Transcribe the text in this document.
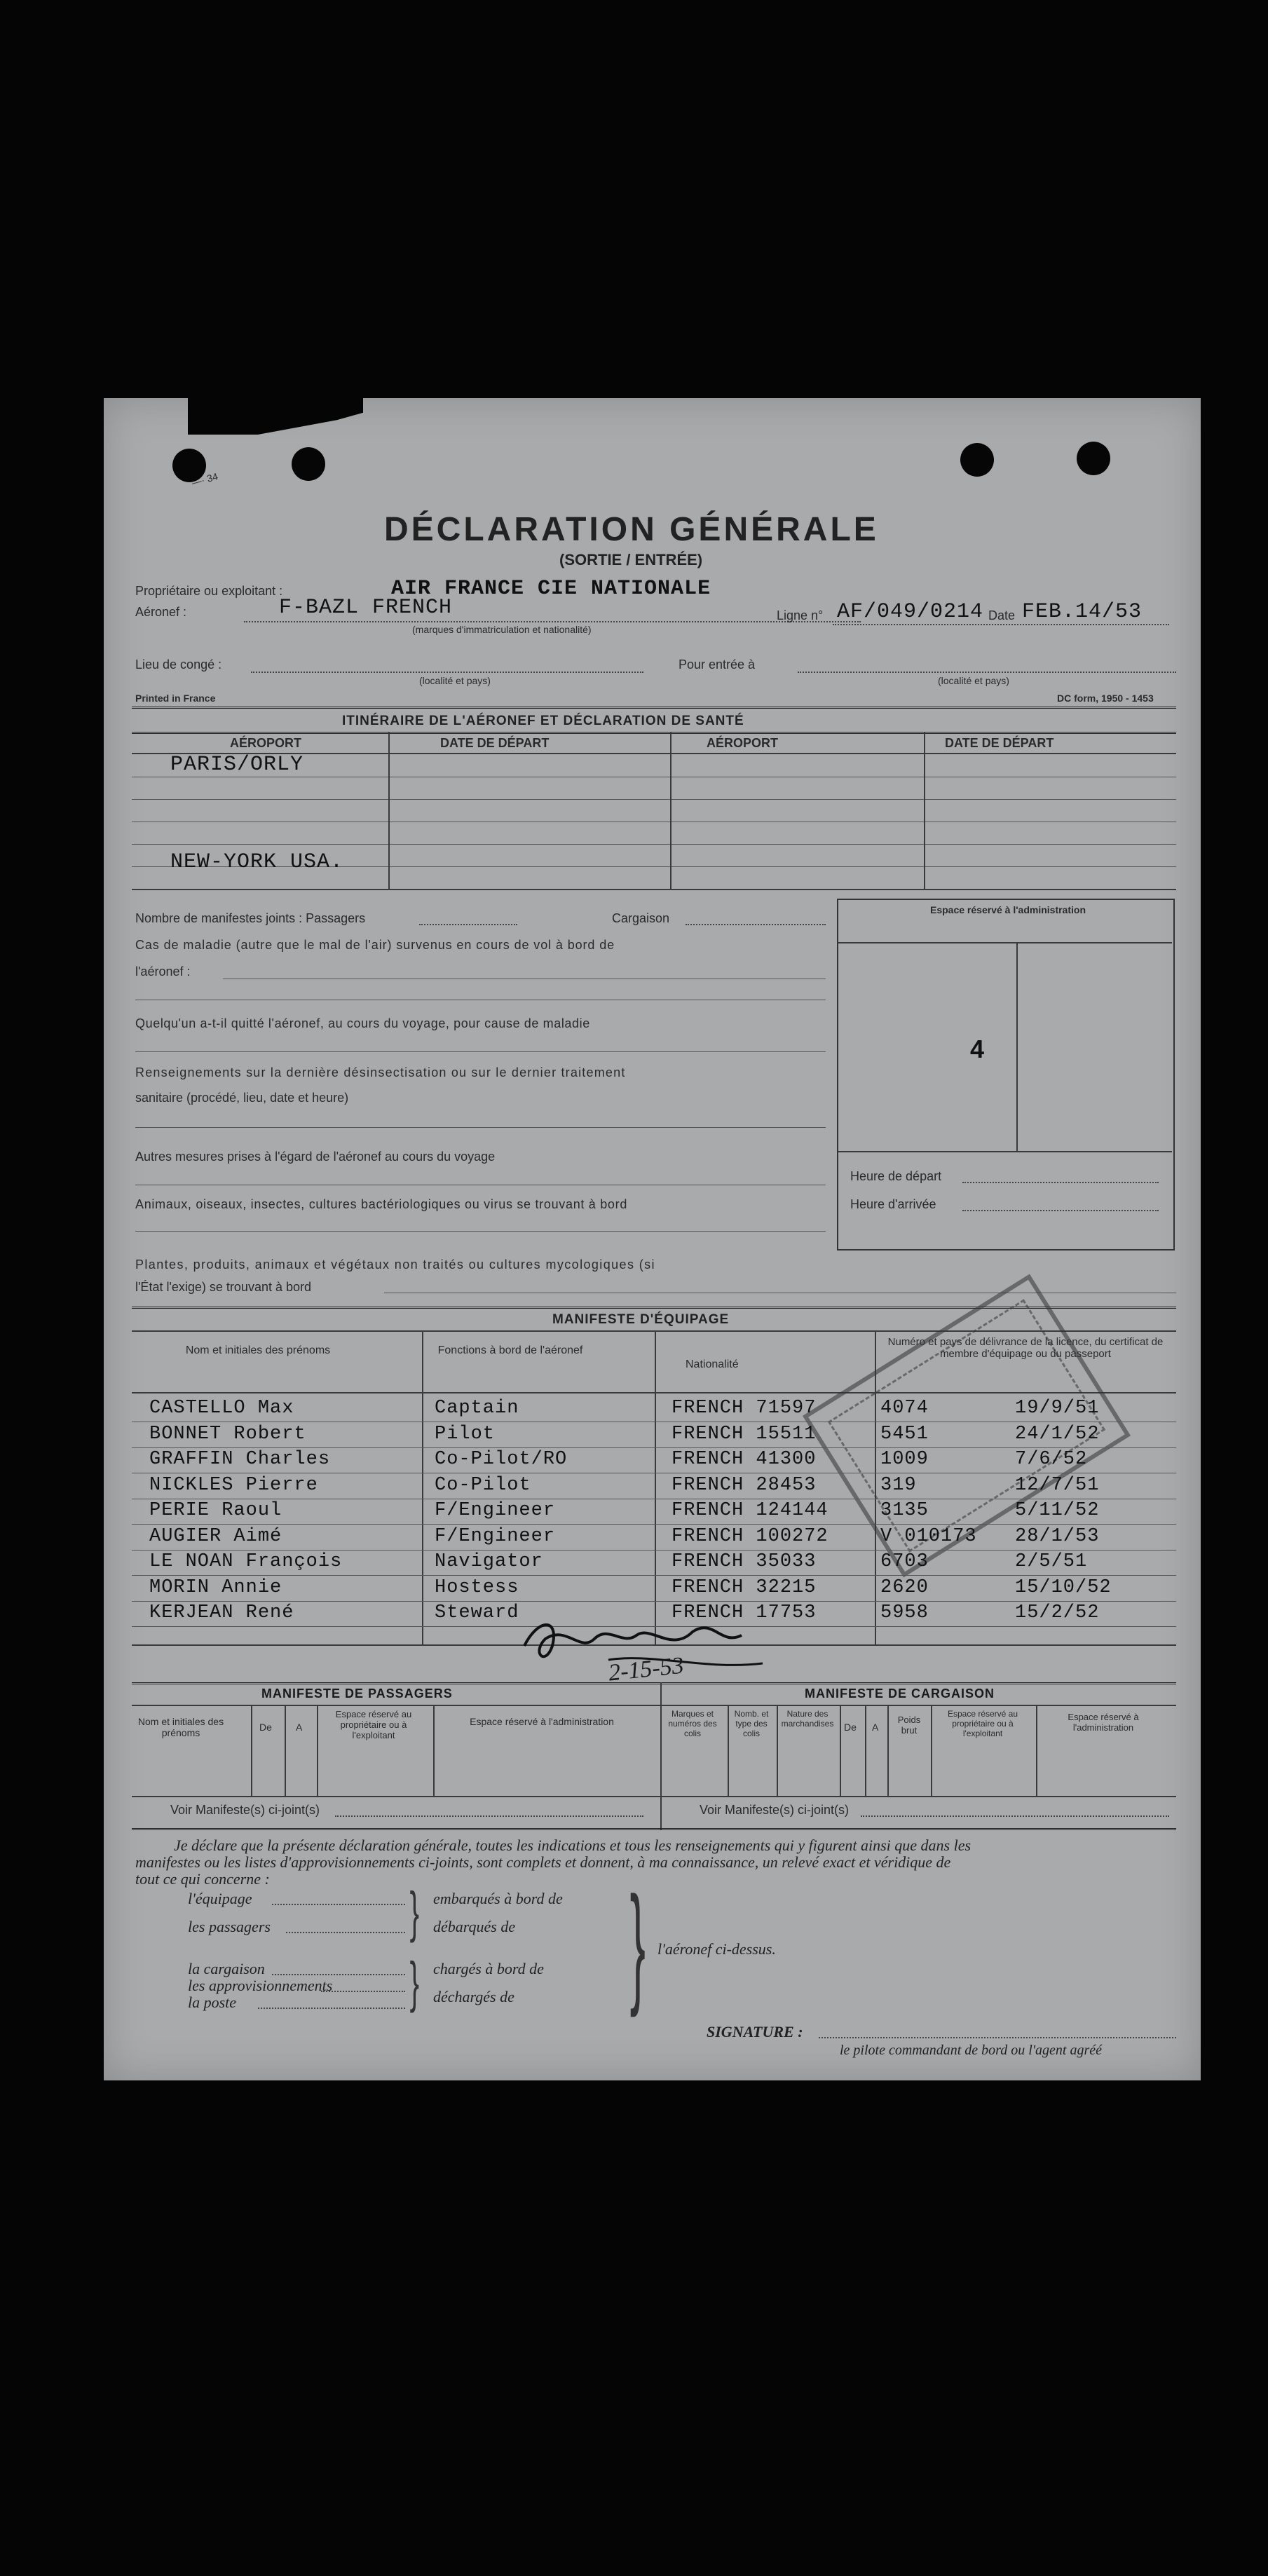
—· 34
DÉCLARATION GÉNÉRALE
(SORTIE / ENTRÉE)
Propriétaire ou exploitant :	AIR FRANCE CIE NATIONALE
Aéronef :	F-BAZL FRENCH
(marques d'immatriculation et nationalité)
Ligne n° AF/049/0214 Date FEB.14/53
Lieu de congé :
(localité et pays)
Pour entrée à
(localité et pays)
Printed in France	DC form, 1950 - 1453
ITINÉRAIRE DE L'AÉRONEF ET DÉCLARATION DE SANTÉ
AÉROPORT	DATE DE DÉPART	AÉROPORT	DATE DE DÉPART
PARIS/ORLY
NEW-YORK USA.
Nombre de manifestes joints : Passagers	Cargaison
Cas de maladie (autre que le mal de l'air) survenus en cours de vol à bord de
l'aéronef :
Quelqu'un a-t-il quitté l'aéronef, au cours du voyage, pour cause de maladie
Renseignements sur la dernière désinsectisation ou sur le dernier traitement
sanitaire (procédé, lieu, date et heure)
Autres mesures prises à l'égard de l'aéronef au cours du voyage
Animaux, oiseaux, insectes, cultures bactériologiques ou virus se trouvant à bord
Plantes, produits, animaux et végétaux non traités ou cultures mycologiques (si
l'État l'exige) se trouvant à bord
Espace réservé à l'administration
4
Heure de départ
Heure d'arrivée
MANIFESTE D'ÉQUIPAGE
Nom et initiales des prénoms	Fonctions à bord de l'aéronef
Nationalité
Numéro et pays de délivrance de la licence, du certificat de membre d'équipage ou du passeport
CASTELLO Max	Captain	FRENCH 71597	4074	19/9/51
BONNET Robert	Pilot	FRENCH 15511	5451	24/1/52
GRAFFIN Charles	Co-Pilot/RO	FRENCH 41300	1009	7/6/52
NICKLES Pierre	Co-Pilot	FRENCH 28453	319	12/7/51
PERIE Raoul	F/Engineer	FRENCH 124144	3135	5/11/52
AUGIER Aimé	F/Engineer	FRENCH 100272	V 010173 28/1/53
LE NOAN François	Navigator	FRENCH 35033	6703	2/5/51
MORIN Annie	Hostess	FRENCH 32215	2620	15/10/52
KERJEAN René	Steward	FRENCH 17753	5958	15/2/52
2-15-53
MANIFESTE DE PASSAGERS	MANIFESTE DE CARGAISON
Nom et initiales des prénoms	De A
Espace réservé au propriétaire ou à l'exploitant
Espace réservé à l'administration
Marques et numéros des colis
Nomb. et type des colis
Nature des marchandises De A
Poids brut
Espace réservé au propriétaire ou à l'exploitant
Espace réservé à l'administration
Voir Manifeste(s) ci-joint(s)	Voir Manifeste(s) ci-joint(s)
Je déclare que la présente déclaration générale, toutes les indications et tous les renseignements qui y figurent ainsi que dans les
manifestes ou les listes d'approvisionnements ci-joints, sont complets et donnent, à ma connaissance, un relevé exact et véridique de
tout ce qui concerne :
l'équipage
les passagers
la cargaison
les approvisionnements
la poste
}
}
embarqués à bord de
débarqués de
chargés à bord de
déchargés de } l'aéronef ci-dessus.
SIGNATURE :
le pilote commandant de bord ou l'agent agréé
